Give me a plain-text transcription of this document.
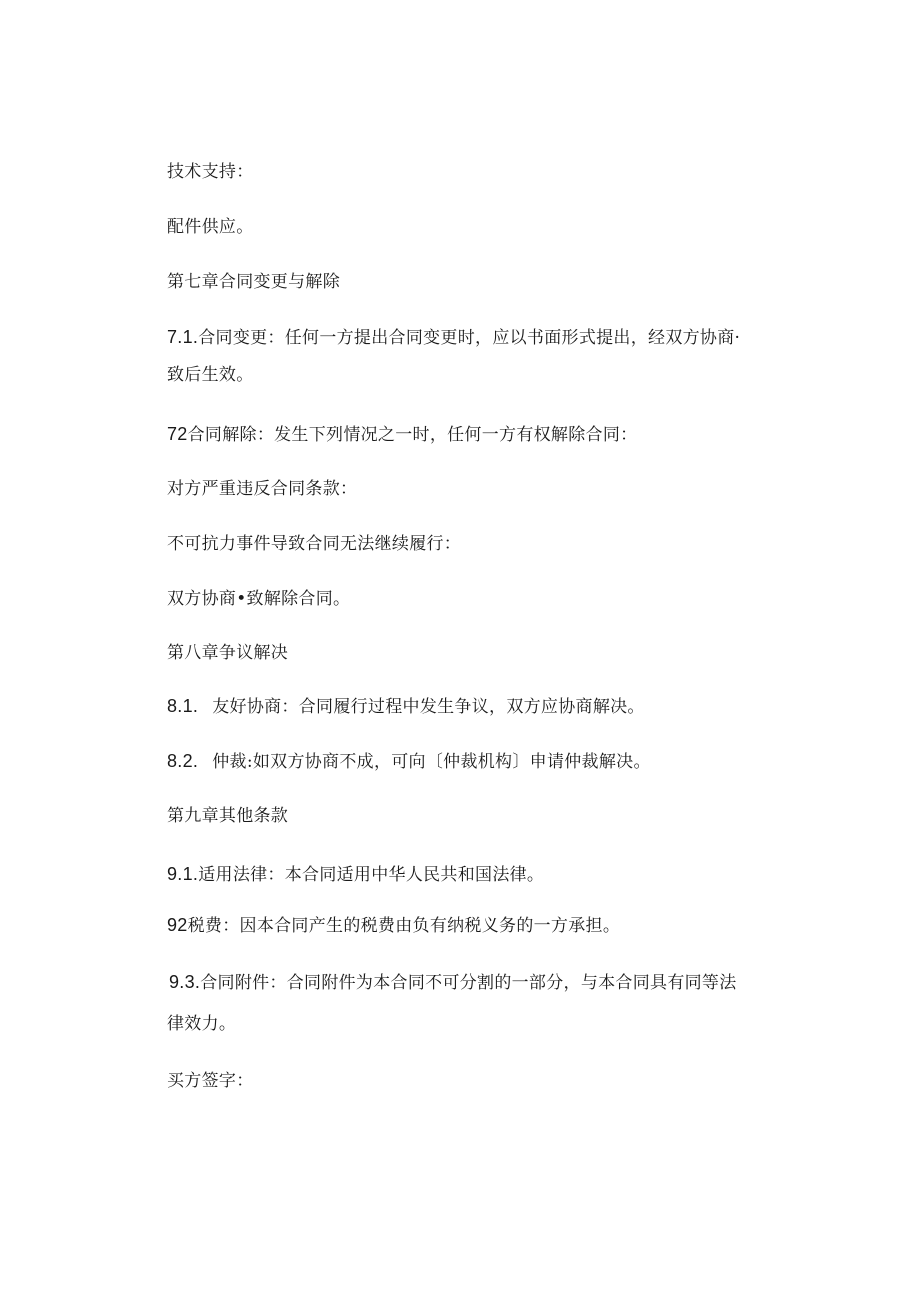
技术支持：
配件供应。
第七章合同变更与解除
7.1.合同变更：任何一方提出合同变更时，应以书面形式提出，经双方协商·
致后生效。
72合同解除：发生下列情况之一时，任何一方有权解除合同：
对方严重违反合同条款：
不可抗力事件导致合同无法继续履行：
双方协商•致解除合同。
第八章争议解决
8.1. 友好协商：合同履行过程中发生争议，双方应协商解决。
8.2. 仲裁:如双方协商不成，可向〔仲裁机构〕申请仲裁解决。
第九章其他条款
9.1.适用法律：本合同适用中华人民共和国法律。
92税费：因本合同产生的税费由负有纳税义务的一方承担。
9.3.合同附件：合同附件为本合同不可分割的一部分，与本合同具有同等法
律效力。
买方签字：
